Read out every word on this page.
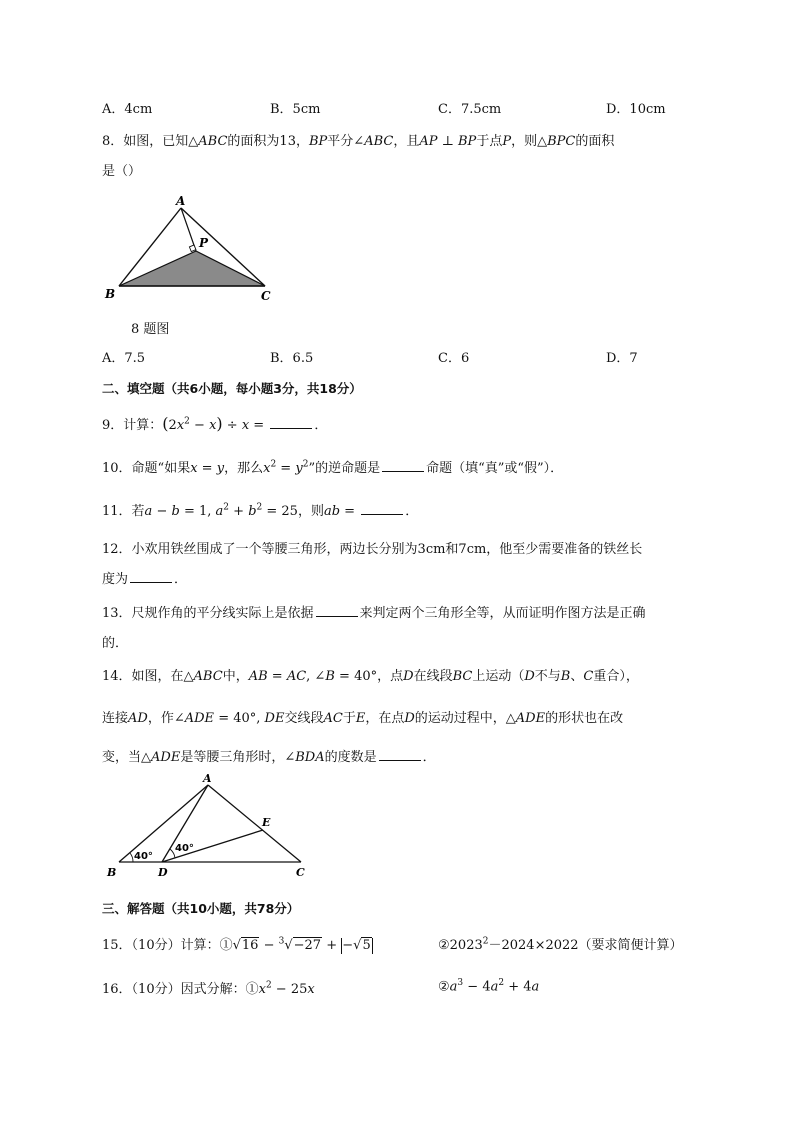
A．4cm	B．5cm	C．7.5cm	D．10cm
8．如图，已知△ABC的面积为13，BP平分∠ABC，且AP ⊥ BP于点P，则△BPC的面积
是（）
A
P
B	C
8 题图
A．7.5	B．6.5	C．6	D．7
二、填空题（共6小题，每小题3分，共18分）
9．计算：$(2x^2 - x) \div x$ =	．
10．命题“如果x = y，那么$x^2 = y^2$”的逆命题是	命题（填“真”或“假”）．
11．若a − b = 1, $a^2 + b^2 = 25$，则ab =	．
12．小欢用铁丝围成了一个等腰三角形，两边长分别为3cm和7cm，他至少需要准备的铁丝长
度为	．
13．尺规作角的平分线实际上是依据	来判定两个三角形全等，从而证明作图方法是正确
的．
14．如图，在△ABC中，AB = AC, ∠B = 40°，点D在线段BC上运动（D不与B、C重合），
连接AD，作∠ADE = 40°, DE交线段AC于E，在点D的运动过程中，△ADE的形状也在改
变，当△ADE是等腰三角形时，∠BDA的度数是	．
A
B	D	C
E
40°
40°
三、解答题（共10小题，共78分）
15．（10分）计算：①√16 − $^3$√−27 + −√5	$②2023^2-2024\times 2022$（要求简便计算）
16．（10分）因式分解：$①x^2 - 25x$	$②a^3 - 4a^2 + 4a$
